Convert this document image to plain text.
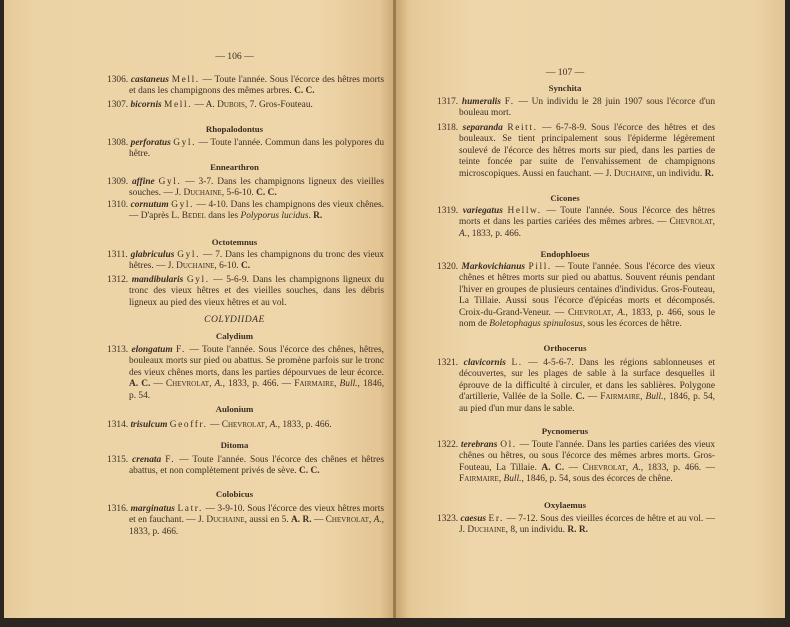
— 106 —
1306. castaneus Mell. — Toute l'année. Sous l'écorce des hêtres morts et dans les champignons des mêmes arbres. C. C.
1307. bicornis Mell. — A. Dubois, 7. Gros-Fouteau.
Rhopalodontus
1308. perforatus Gyl. — Toute l'année. Commun dans les polypores du hêtre.
Ennearthron
1309. affine Gyl. — 3-7. Dans les champignons ligneux des vieilles souches. — J. Duchaine, 5-6-10. C. C.
1310. cornutum Gyl. — 4-10. Dans les champignons des vieux chênes. — D'après L. Bedel dans les Polyporus lucidus. R.
Octotemnus
1311. glabriculus Gyl. — 7. Dans les champignons du tronc des vieux hêtres. — J. Duchaine, 6-10. C.
1312. mandibularis Gyl. — 5-6-9. Dans les champignons ligneux du tronc des vieux hêtres et des vieilles souches, dans les débris ligneux au pied des vieux hêtres et au vol.
COLYDIIDAE
Calydium
1313. elongatum F. — Toute l'année. Sous l'écorce des chênes, hêtres, bouleaux morts sur pied ou abattus. Se promène parfois sur le tronc des vieux chênes morts, dans les parties dépourvues de leur écorce. A. C. — Chevrolat, A., 1833, p. 466. — Fairmaire, Bull., 1846, p. 54.
Aulonium
1314. trisulcum Geoffr. — Chevrolat, A., 1833, p. 466.
Ditoma
1315. crenata F. — Toute l'année. Sous l'écorce des chênes et hêtres abattus, et non complètement privés de sève. C. C.
Colobicus
1316. marginatus Latr. — 3-9-10. Sous l'écorce des vieux hêtres morts et en fauchant. — J. Duchaine, aussi en 5. A. R. — Chevrolat, A., 1833, p. 466.
— 107 —
Synchita
1317. humeralis F. — Un individu le 28 juin 1907 sous l'écorce d'un bouleau mort.
1318. separanda Reitt. — 6-7-8-9. Sous l'écorce des hêtres et des bouleaux. Se tient principalement sous l'épiderme légèrement soulevé de l'écorce des hêtres morts sur pied, dans les parties de teinte foncée par suite de l'envahissement de champignons microscopiques. Aussi en fauchant. — J. Duchaine, un individu. R.
Cicones
1319. variegatus Hellw. — Toute l'année. Sous l'écorce des hêtres morts et dans les parties cariées des mêmes arbres. — Chevrolat, A., 1833, p. 466.
Endophloeus
1320. Markovichianus Pill. — Toute l'année. Sous l'écorce des vieux chênes et hêtres morts sur pied ou abattus. Souvent réunis pendant l'hiver en groupes de plusieurs centaines d'individus. Gros-Fouteau, La Tillaie. Aussi sous l'écorce d'épicéas morts et décomposés. Croix-du-Grand-Veneur. — Chevrolat, A., 1833, p. 466, sous le nom de Boletophagus spinulosus, sous les écorces de hêtre.
Orthocerus
1321. clavicornis L. — 4-5-6-7. Dans les régions sablonneuses et découvertes, sur les plages de sable à la surface desquelles il éprouve de la difficulté à circuler, et dans les sablières. Polygone d'artillerie, Vallée de la Solle. C. — Fairmaire, Bull., 1846, p. 54, au pied d'un mur dans le sable.
Pycnomerus
1322. terebrans Ol. — Toute l'année. Dans les parties cariées des vieux chênes ou hêtres, ou sous l'écorce des mêmes arbres morts. Gros-Fouteau, La Tillaie. A. C. — Chevrolat, A., 1833, p. 466. — Fairmaire, Bull., 1846, p. 54, sous des écorces de chêne.
Oxylaemus
1323. caesus Er. — 7-12. Sous des vieilles écorces de hêtre et au vol. — J. Duchaine, 8, un individu. R. R.
